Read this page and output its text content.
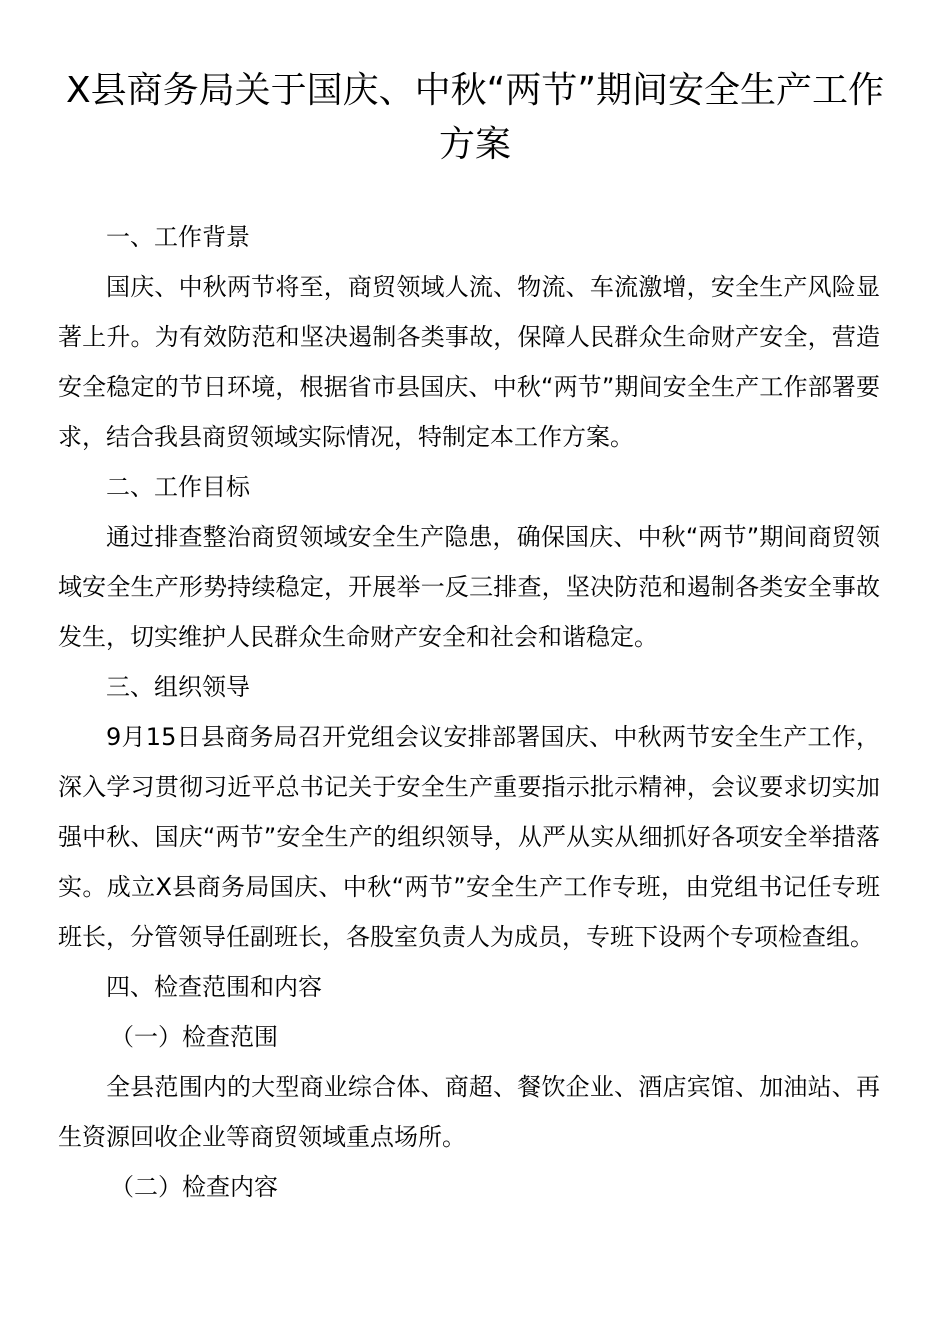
X县商务局关于国庆、中秋“两节”期间安全生产工作方案

一、工作背景

国庆、中秋两节将至，商贸领域人流、物流、车流激增，安全生产风险显著上升。为有效防范和坚决遏制各类事故，保障人民群众生命财产安全，营造安全稳定的节日环境，根据省市县国庆、中秋“两节”期间安全生产工作部署要求，结合我县商贸领域实际情况，特制定本工作方案。

二、工作目标

通过排查整治商贸领域安全生产隐患，确保国庆、中秋“两节”期间商贸领域安全生产形势持续稳定，开展举一反三排查，坚决防范和遏制各类安全事故发生，切实维护人民群众生命财产安全和社会和谐稳定。

三、组织领导

9月15日县商务局召开党组会议安排部署国庆、中秋两节安全生产工作，深入学习贯彻习近平总书记关于安全生产重要指示批示精神，会议要求切实加强中秋、国庆“两节”安全生产的组织领导，从严从实从细抓好各项安全举措落实。成立X县商务局国庆、中秋“两节”安全生产工作专班，由党组书记任专班班长，分管领导任副班长，各股室负责人为成员，专班下设两个专项检查组。

四、检查范围和内容

（一）检查范围

全县范围内的大型商业综合体、商超、餐饮企业、酒店宾馆、加油站、再生资源回收企业等商贸领域重点场所。

（二）检查内容
